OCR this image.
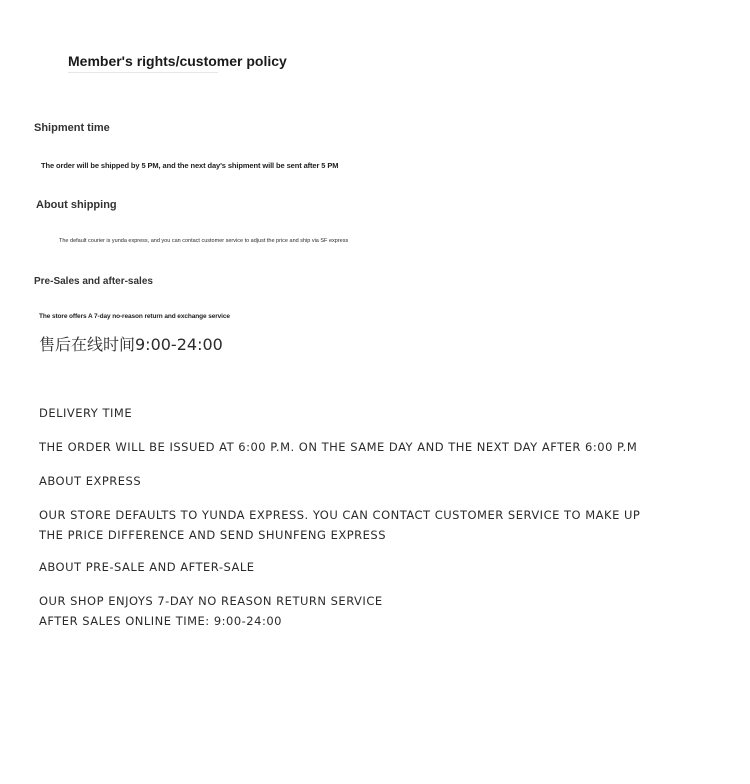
Member's rights/customer policy
Shipment time
The order will be shipped by 5 PM, and the next day's shipment will be sent after 5 PM
About shipping
The default courier is yunda express, and you can contact customer service to adjust the price and ship via SF express
Pre-Sales and after-sales
The store offers A 7-day no-reason return and exchange service
售后在线时间9:00-24:00
DELIVERY TIME
THE ORDER WILL BE ISSUED AT 6:00 P.M. ON THE SAME DAY AND THE NEXT DAY AFTER 6:00 P.M
ABOUT EXPRESS
OUR STORE DEFAULTS TO YUNDA EXPRESS. YOU CAN CONTACT CUSTOMER SERVICE TO MAKE UP
THE PRICE DIFFERENCE AND SEND SHUNFENG EXPRESS
ABOUT PRE-SALE AND AFTER-SALE
OUR SHOP ENJOYS 7-DAY NO REASON RETURN SERVICE
AFTER SALES ONLINE TIME: 9:00-24:00
